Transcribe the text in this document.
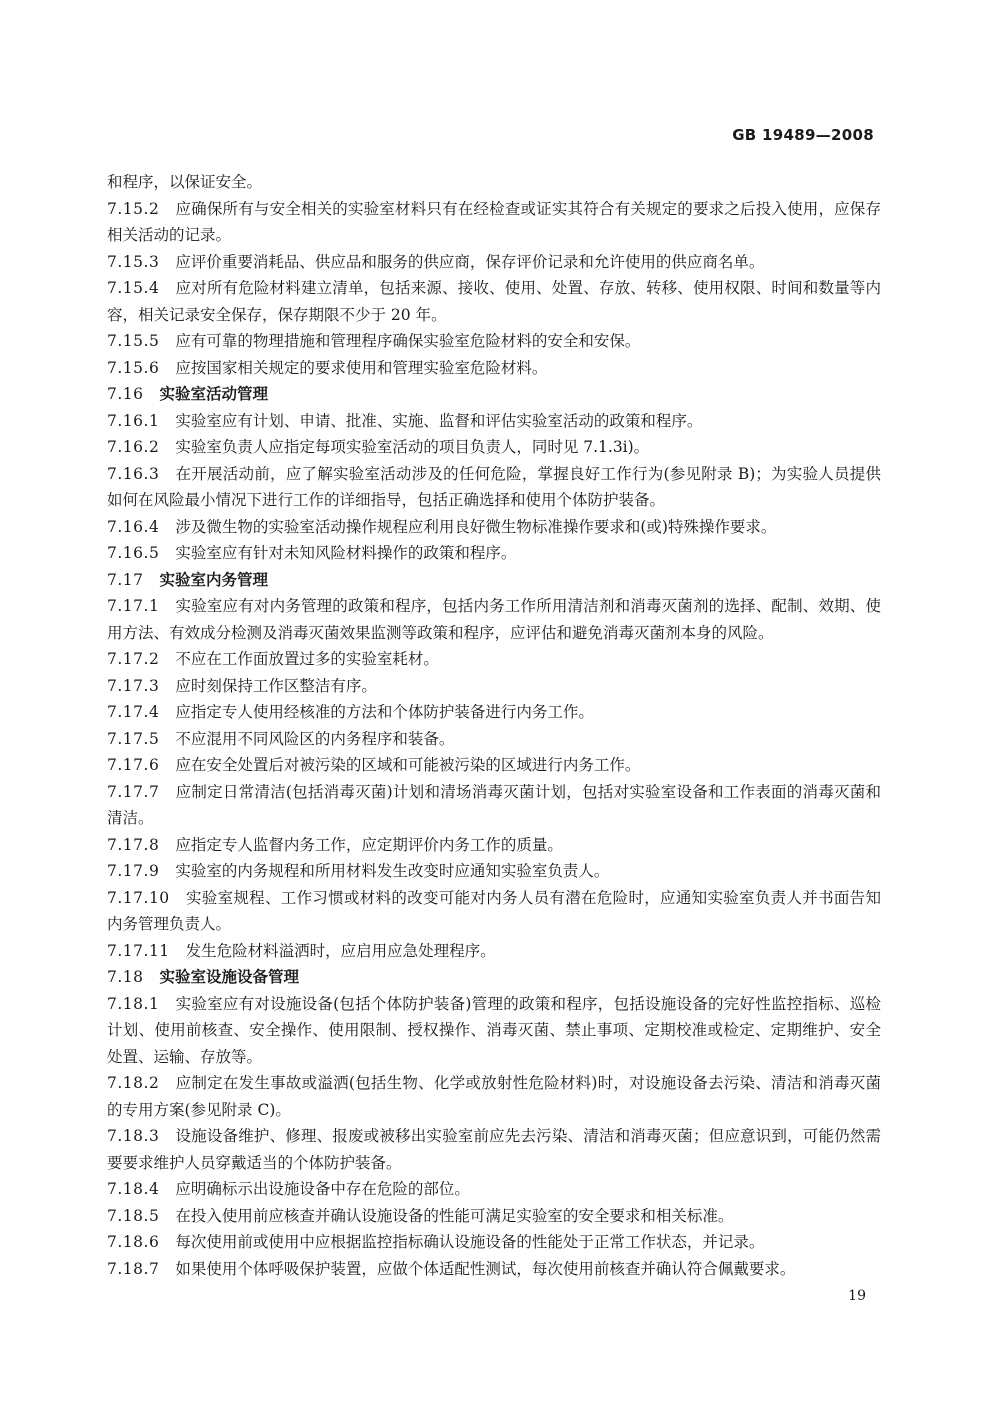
GB 19489—2008

和程序，以保证安全。

7.15.2 应确保所有与安全相关的实验室材料只有在经检查或证实其符合有关规定的要求之后投入使用，应保存相关活动的记录。

7.15.3 应评价重要消耗品、供应品和服务的供应商，保存评价记录和允许使用的供应商名单。

7.15.4 应对所有危险材料建立清单，包括来源、接收、使用、处置、存放、转移、使用权限、时间和数量等内容，相关记录安全保存，保存期限不少于 20 年。

7.15.5 应有可靠的物理措施和管理程序确保实验室危险材料的安全和安保。

7.15.6 应按国家相关规定的要求使用和管理实验室危险材料。

7.16 实验室活动管理

7.16.1 实验室应有计划、申请、批准、实施、监督和评估实验室活动的政策和程序。

7.16.2 实验室负责人应指定每项实验室活动的项目负责人，同时见 7.1.3i)。

7.16.3 在开展活动前，应了解实验室活动涉及的任何危险，掌握良好工作行为(参见附录 B)；为实验人员提供如何在风险最小情况下进行工作的详细指导，包括正确选择和使用个体防护装备。

7.16.4 涉及微生物的实验室活动操作规程应利用良好微生物标准操作要求和(或)特殊操作要求。

7.16.5 实验室应有针对未知风险材料操作的政策和程序。

7.17 实验室内务管理

7.17.1 实验室应有对内务管理的政策和程序，包括内务工作所用清洁剂和消毒灭菌剂的选择、配制、效期、使用方法、有效成分检测及消毒灭菌效果监测等政策和程序，应评估和避免消毒灭菌剂本身的风险。

7.17.2 不应在工作面放置过多的实验室耗材。

7.17.3 应时刻保持工作区整洁有序。

7.17.4 应指定专人使用经核准的方法和个体防护装备进行内务工作。

7.17.5 不应混用不同风险区的内务程序和装备。

7.17.6 应在安全处置后对被污染的区域和可能被污染的区域进行内务工作。

7.17.7 应制定日常清洁(包括消毒灭菌)计划和清场消毒灭菌计划，包括对实验室设备和工作表面的消毒灭菌和清洁。

7.17.8 应指定专人监督内务工作，应定期评价内务工作的质量。

7.17.9 实验室的内务规程和所用材料发生改变时应通知实验室负责人。

7.17.10 实验室规程、工作习惯或材料的改变可能对内务人员有潜在危险时，应通知实验室负责人并书面告知内务管理负责人。

7.17.11 发生危险材料溢洒时，应启用应急处理程序。

7.18 实验室设施设备管理

7.18.1 实验室应有对设施设备(包括个体防护装备)管理的政策和程序，包括设施设备的完好性监控指标、巡检计划、使用前核查、安全操作、使用限制、授权操作、消毒灭菌、禁止事项、定期校准或检定、定期维护、安全处置、运输、存放等。

7.18.2 应制定在发生事故或溢洒(包括生物、化学或放射性危险材料)时，对设施设备去污染、清洁和消毒灭菌的专用方案(参见附录 C)。

7.18.3 设施设备维护、修理、报废或被移出实验室前应先去污染、清洁和消毒灭菌；但应意识到，可能仍然需要要求维护人员穿戴适当的个体防护装备。

7.18.4 应明确标示出设施设备中存在危险的部位。

7.18.5 在投入使用前应核查并确认设施设备的性能可满足实验室的安全要求和相关标准。

7.18.6 每次使用前或使用中应根据监控指标确认设施设备的性能处于正常工作状态，并记录。

7.18.7 如果使用个体呼吸保护装置，应做个体适配性测试，每次使用前核查并确认符合佩戴要求。

19
